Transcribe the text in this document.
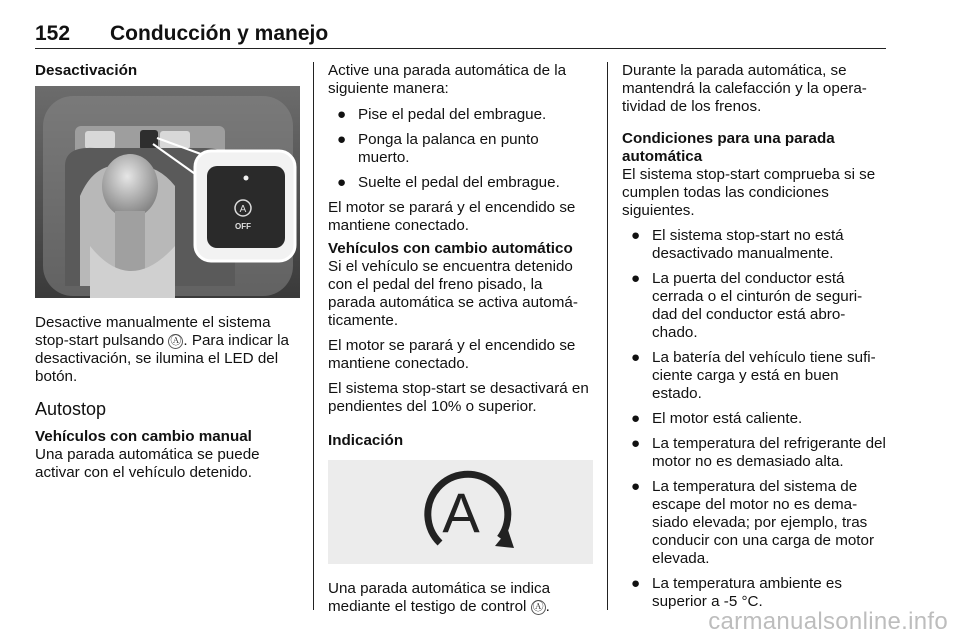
152 Conducción y manejo
Desactivación
A
OFF

Desactive manualmente el sistema stop-start pulsando Ⓐ . Para indicar la desactivación, se ilumina el LED del botón.

Autostop
Vehículos con cambio manual

Una parada automática se puede activar con el vehículo detenido.

Active una parada automática de la siguiente manera:

● Pise el pedal del embrague.
● Ponga la palanca en punto muerto.
● Suelte el pedal del embrague.

El motor se parará y el encendido se mantiene conectado.

Vehículos con cambio automático

Si el vehículo se encuentra detenido con el pedal del freno pisado, la parada automática se activa automá‐ ticamente.

El motor se parará y el encendido se mantiene conectado.

El sistema stop-start se desactivará en pendientes del 10% o superior.

Indicación
A

Una parada automática se indica mediante el testigo de control Ⓐ .

Durante la parada automática, se mantendrá la calefacción y la opera‐ tividad de los frenos.

Condiciones para una parada automática

El sistema stop-start comprueba si se cumplen todas las condiciones siguientes.

● El sistema stop-start no está desactivado manualmente.
● La puerta del conductor está cerrada o el cinturón de seguri‐ dad del conductor está abro‐ chado.
● La batería del vehículo tiene sufi‐ ciente carga y está en buen estado.
● El motor está caliente.
● La temperatura del refrigerante del motor no es demasiado alta.
● La temperatura del sistema de escape del motor no es dema‐ siado elevada; por ejemplo, tras conducir con una carga de motor elevada.
● La temperatura ambiente es superior a -5 °C.
carmanualsonline.info
